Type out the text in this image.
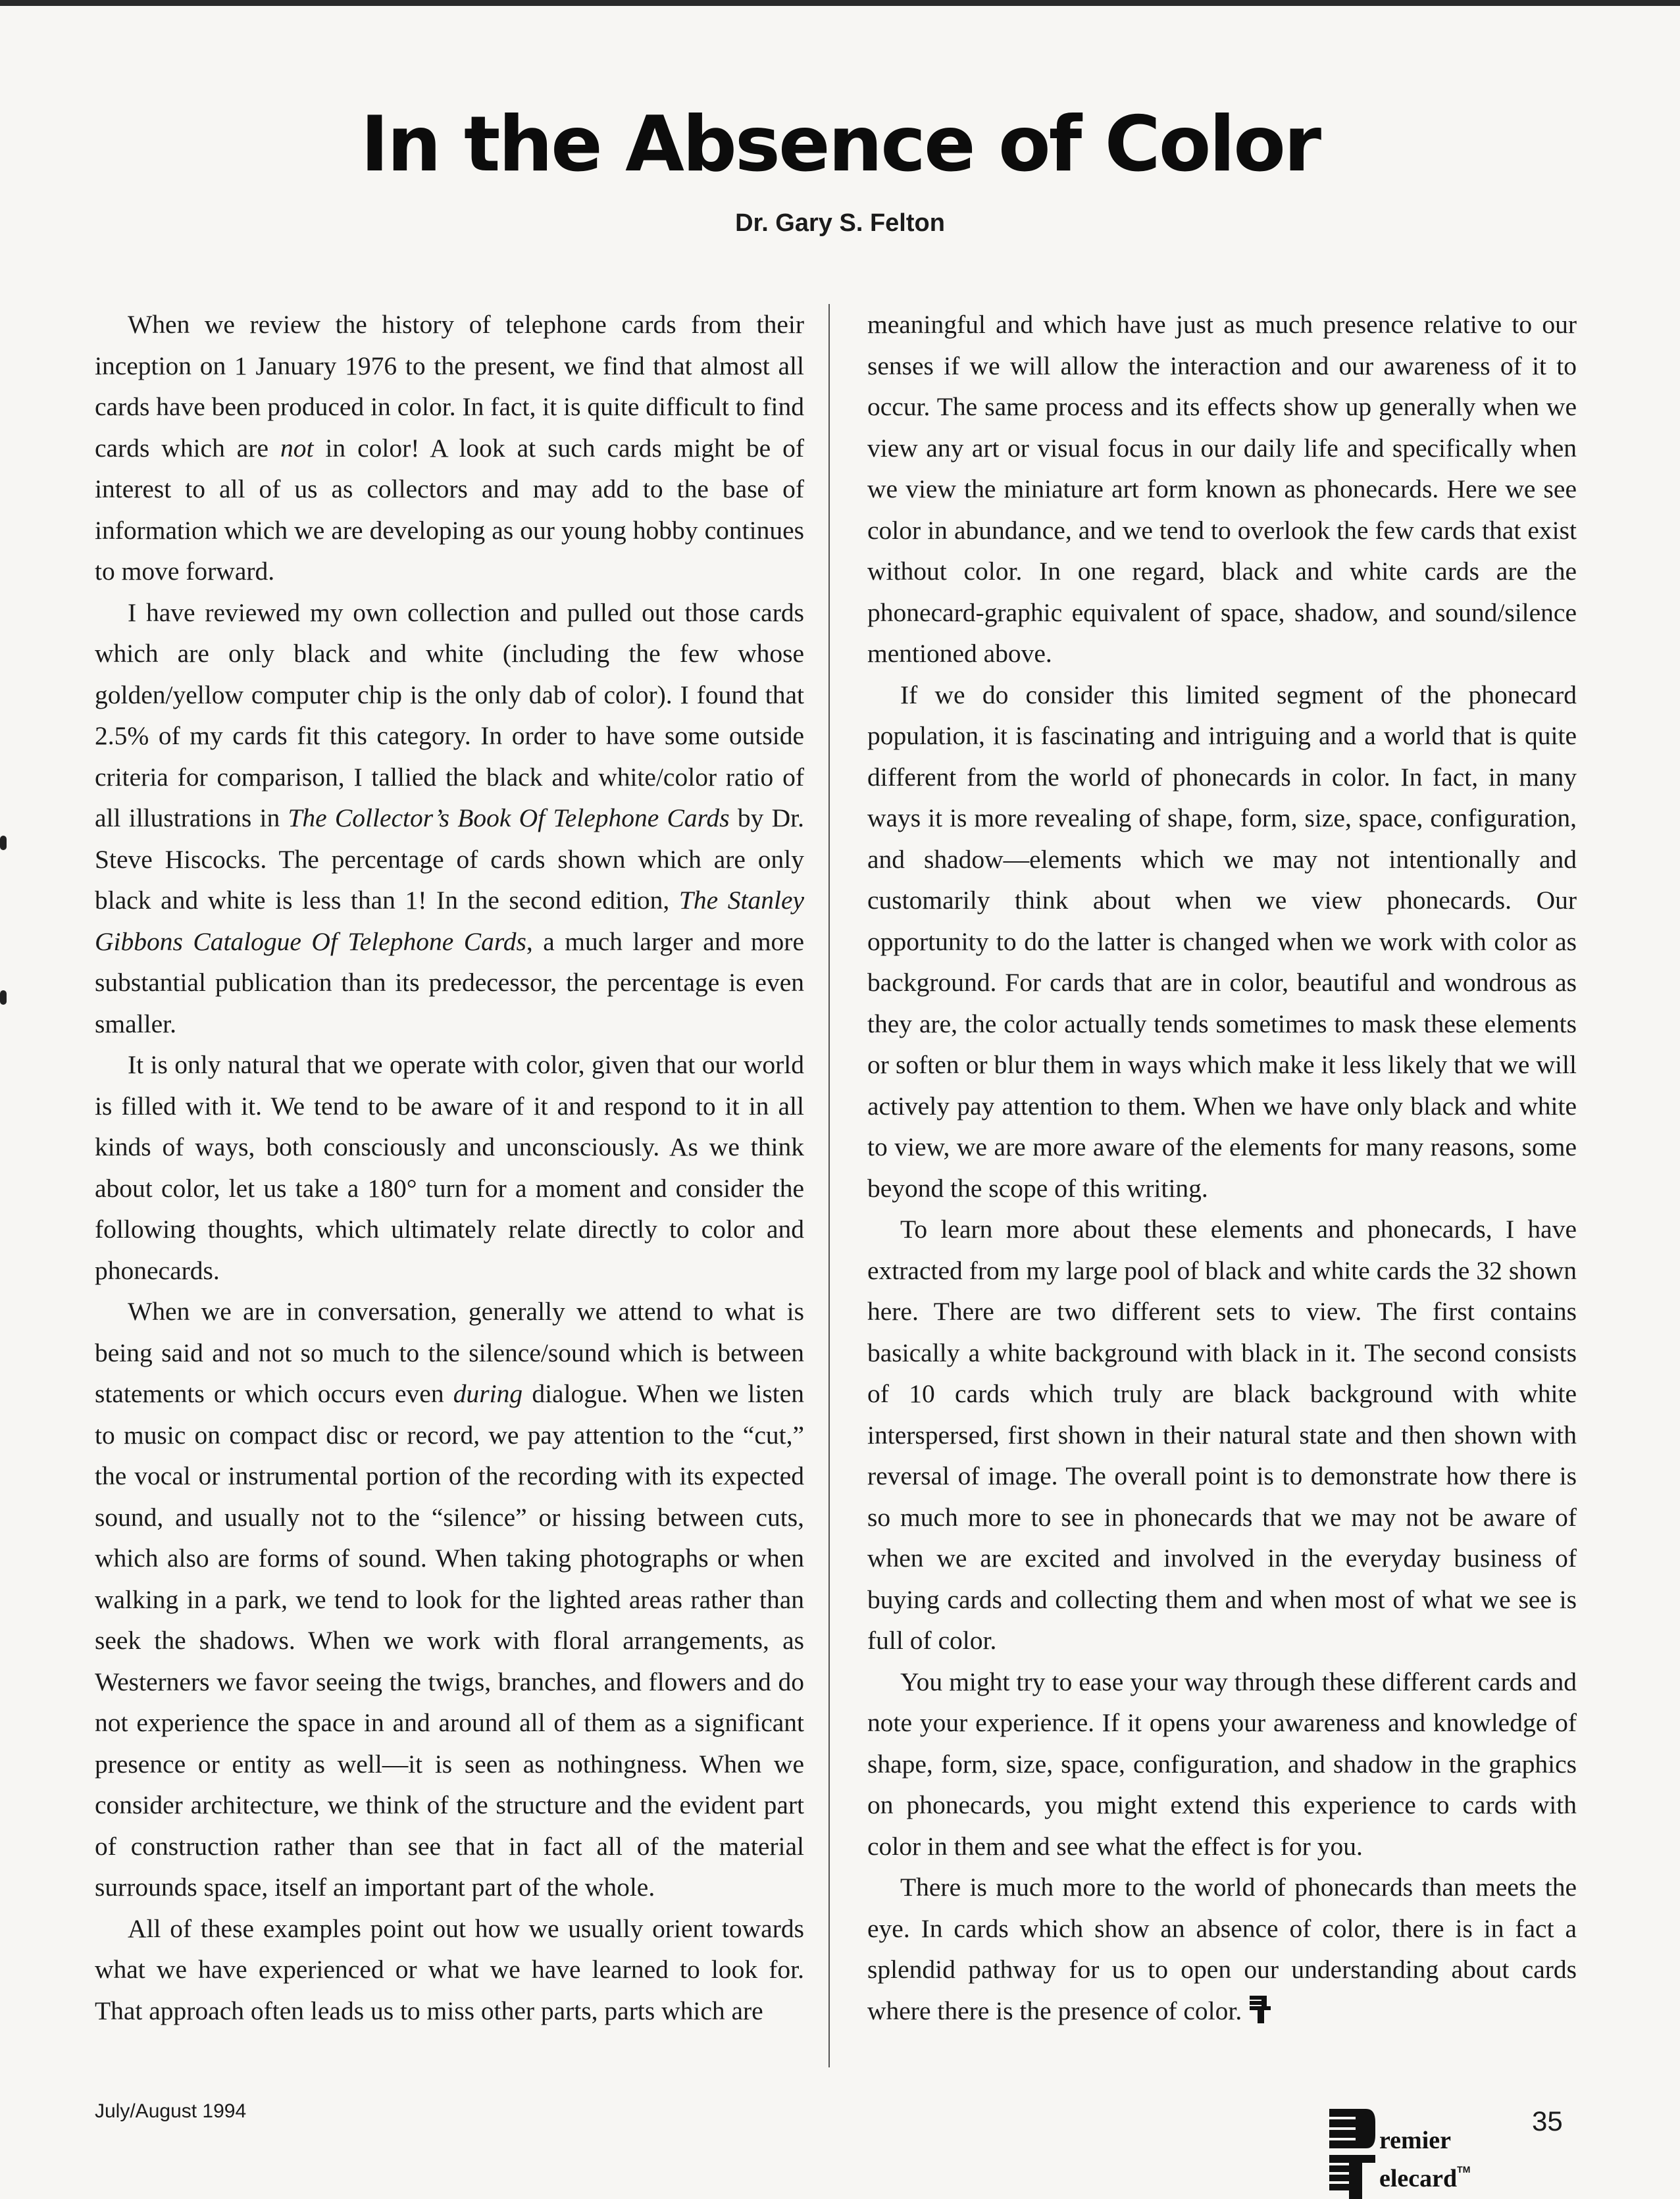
In the Absence of Color
Dr. Gary S. Felton

When we review the history of telephone cards from their inception on 1 January 1976 to the present, we find that almost all cards have been produced in color. In fact, it is quite difficult to find cards which are not in color! A look at such cards might be of interest to all of us as collectors and may add to the base of information which we are developing as our young hobby continues to move forward.

I have reviewed my own collection and pulled out those cards which are only black and white (including the few whose golden/yellow computer chip is the only dab of color). I found that 2.5% of my cards fit this category. In order to have some outside criteria for comparison, I tallied the black and white/color ratio of all illustrations in The Collector’s Book Of Telephone Cards by Dr. Steve Hiscocks. The percentage of cards shown which are only black and white is less than 1! In the second edition, The Stanley Gibbons Catalogue Of Telephone Cards, a much larger and more substantial publication than its predecessor, the percentage is even smaller.

It is only natural that we operate with color, given that our world is filled with it. We tend to be aware of it and respond to it in all kinds of ways, both consciously and unconsciously. As we think about color, let us take a 180° turn for a moment and consider the following thoughts, which ultimately relate directly to color and phonecards.

When we are in conversation, generally we attend to what is being said and not so much to the silence/sound which is between statements or which occurs even during dialogue. When we listen to music on compact disc or record, we pay attention to the “cut,” the vocal or instrumental portion of the recording with its expected sound, and usually not to the “silence” or hissing between cuts, which also are forms of sound. When taking photographs or when walking in a park, we tend to look for the lighted areas rather than seek the shadows. When we work with floral arrangements, as Westerners we favor seeing the twigs, branches, and flowers and do not experience the space in and around all of them as a significant presence or entity as well—it is seen as nothingness. When we consider architecture, we think of the structure and the evident part of construction rather than see that in fact all of the material surrounds space, itself an important part of the whole.

All of these examples point out how we usually orient towards what we have experienced or what we have learned to look for. That approach often leads us to miss other parts, parts which are

meaningful and which have just as much presence relative to our senses if we will allow the interaction and our awareness of it to occur. The same process and its effects show up generally when we view any art or visual focus in our daily life and specifically when we view the miniature art form known as phonecards. Here we see color in abundance, and we tend to overlook the few cards that exist without color. In one regard, black and white cards are the phonecard-graphic equivalent of space, shadow, and sound/silence mentioned above.

If we do consider this limited segment of the phonecard population, it is fascinating and intriguing and a world that is quite different from the world of phonecards in color. In fact, in many ways it is more revealing of shape, form, size, space, configuration, and shadow—elements which we may not intentionally and customarily think about when we view phonecards. Our opportunity to do the latter is changed when we work with color as background. For cards that are in color, beautiful and wondrous as they are, the color actually tends sometimes to mask these elements or soften or blur them in ways which make it less likely that we will actively pay attention to them. When we have only black and white to view, we are more aware of the elements for many reasons, some beyond the scope of this writing.

To learn more about these elements and phonecards, I have extracted from my large pool of black and white cards the 32 shown here. There are two different sets to view. The first contains basically a white background with black in it. The second consists of 10 cards which truly are black background with white interspersed, first shown in their natural state and then shown with reversal of image. The overall point is to demonstrate how there is so much more to see in phonecards that we may not be aware of when we are excited and involved in the everyday business of buying cards and collecting them and when most of what we see is full of color.

You might try to ease your way through these different cards and note your experience. If it opens your awareness and knowledge of shape, form, size, space, configuration, and shadow in the graphics on phonecards, you might extend this experience to cards with color in them and see what the effect is for you.

There is much more to the world of phonecards than meets the eye. In cards which show an absence of color, there is in fact a splendid pathway for us to open our understanding about cards where there is the presence of color.

July/August 1994
remier
elecard™
35
